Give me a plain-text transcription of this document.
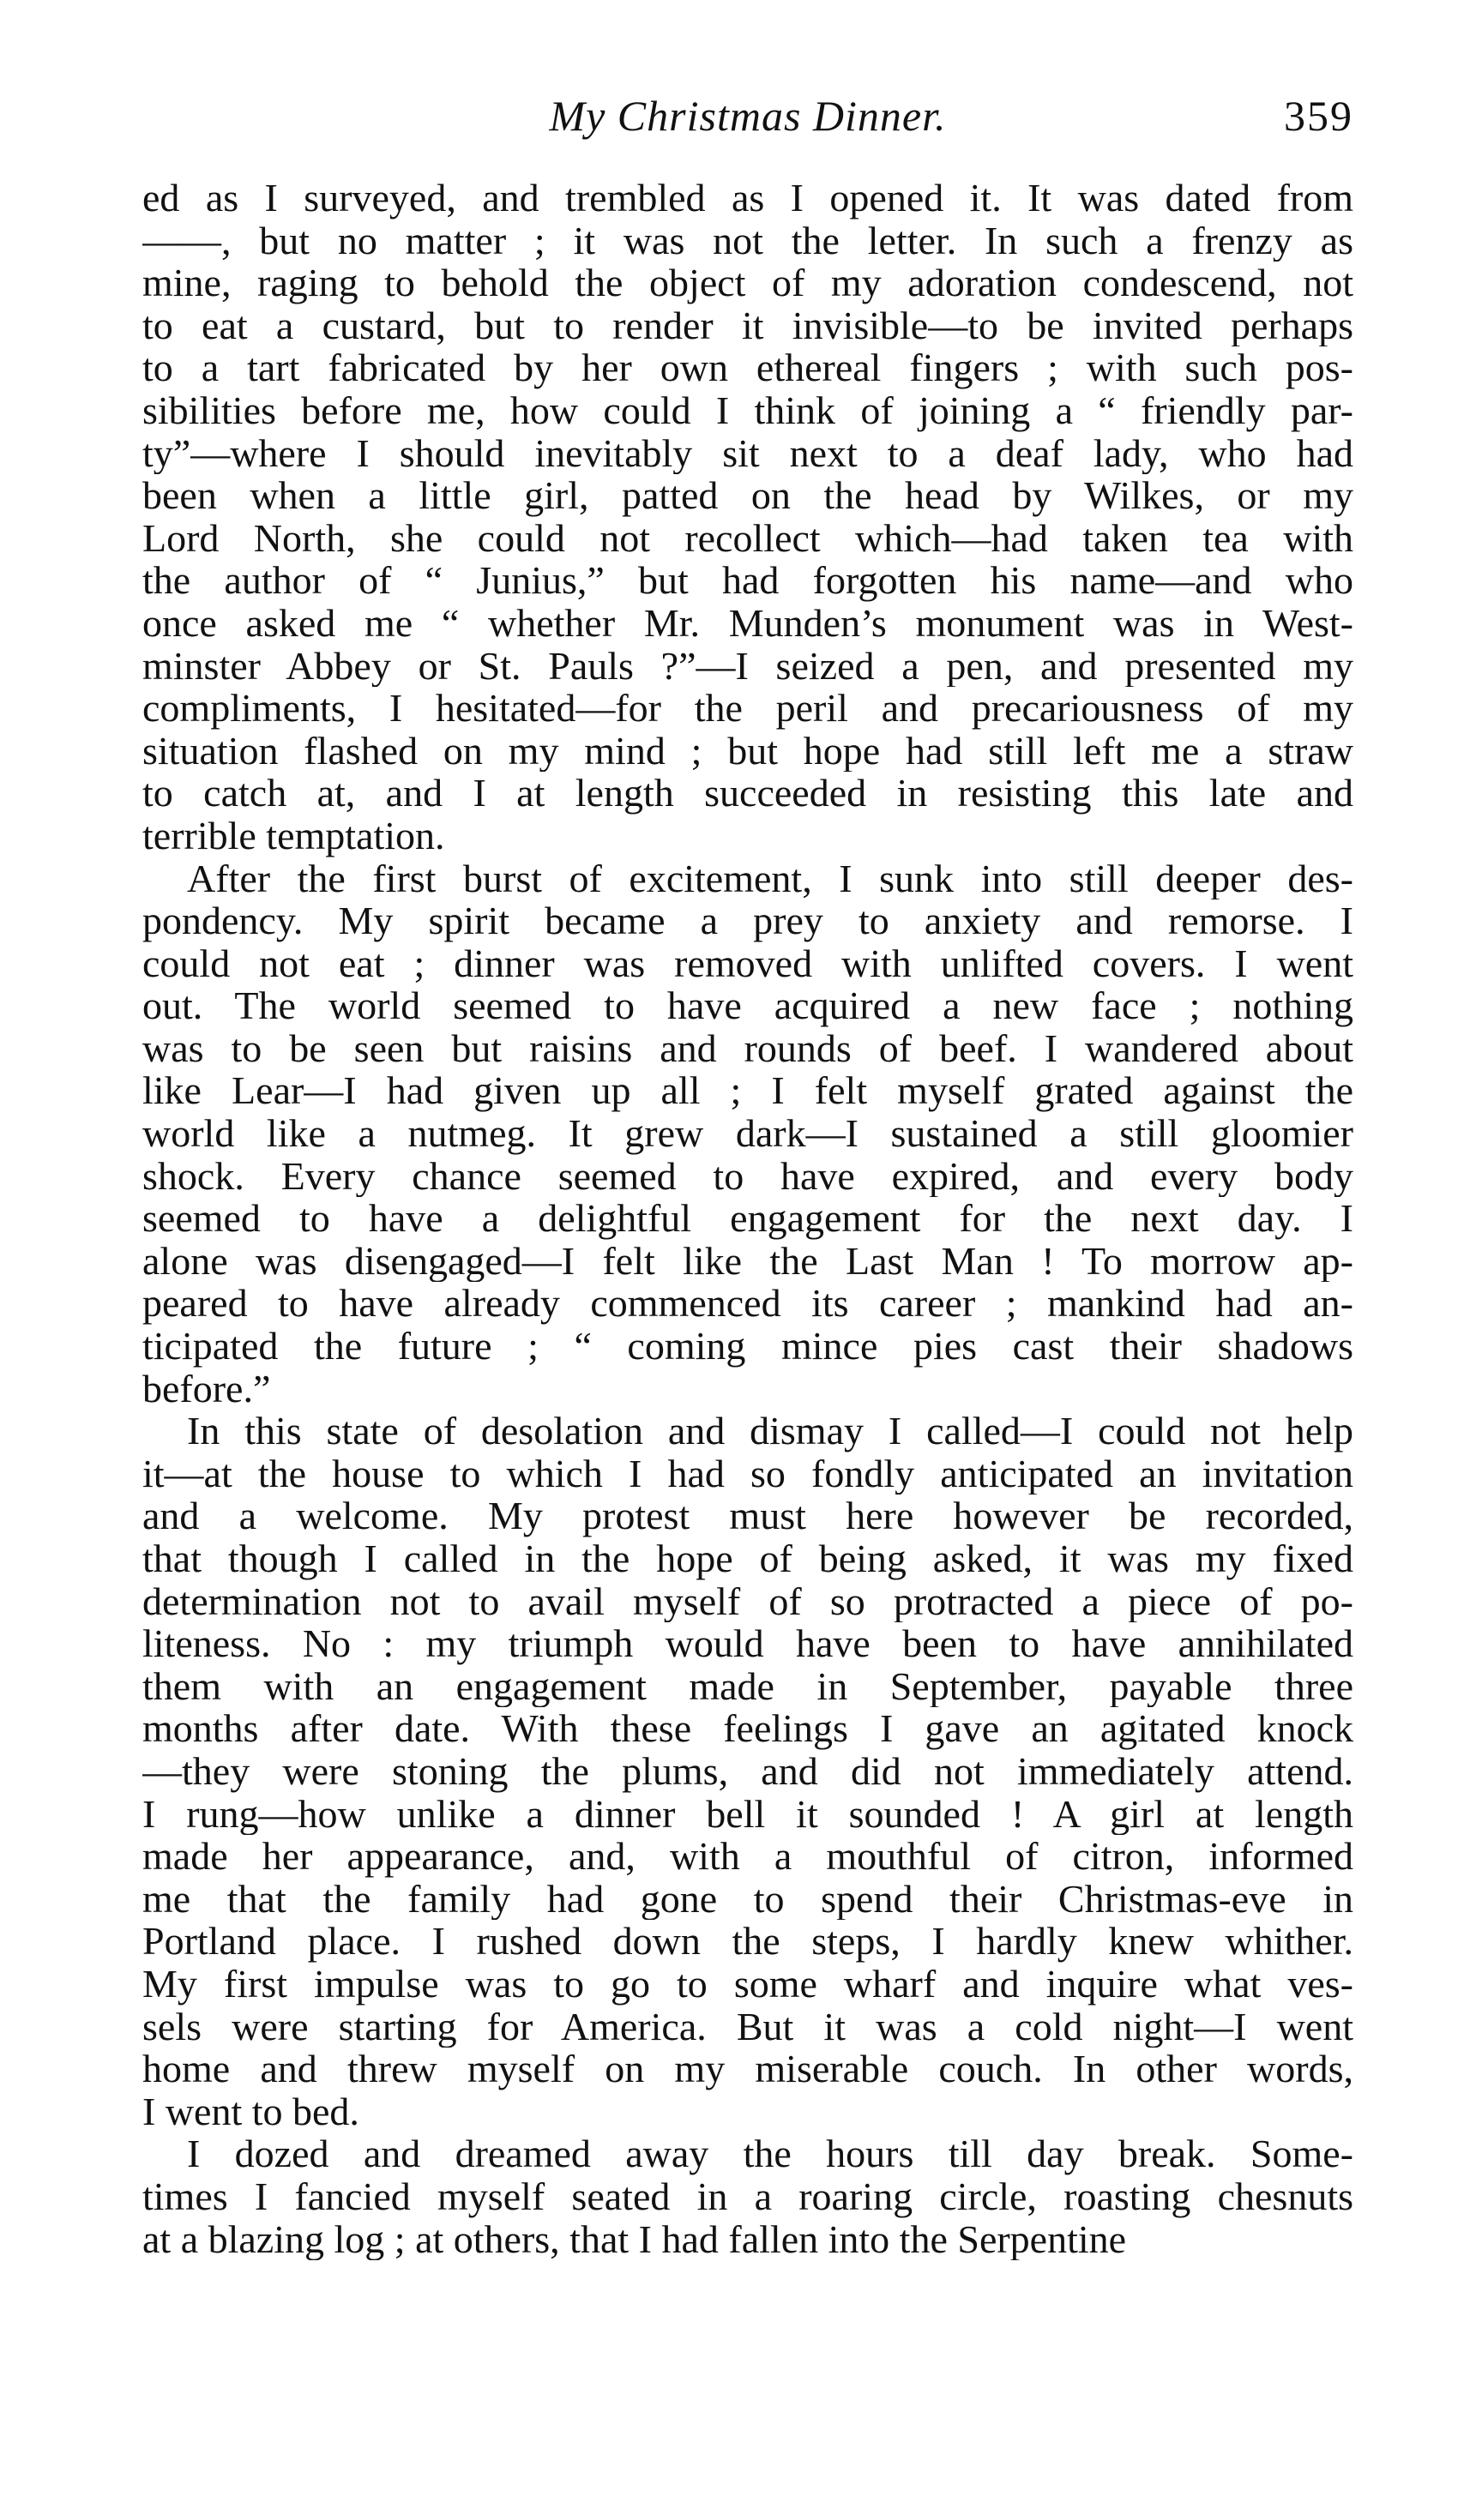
My Christmas Dinner.	359
ed as I surveyed, and trembled as I opened it. It was dated from
——, but no matter ; it was not the letter. In such a frenzy as
mine, raging to behold the object of my adoration condescend, not
to eat a custard, but to render it invisible—to be invited perhaps
to a tart fabricated by her own ethereal fingers ; with such pos-
sibilities before me, how could I think of joining a “ friendly par-
ty”—where I should inevitably sit next to a deaf lady, who had
been when a little girl, patted on the head by Wilkes, or my
Lord North, she could not recollect which—had taken tea with
the author of “ Junius,” but had forgotten his name—and who
once asked me “ whether Mr. Munden’s monument was in West-
minster Abbey or St. Pauls ?”—I seized a pen, and presented my
compliments, I hesitated—for the peril and precariousness of my
situation flashed on my mind ; but hope had still left me a straw
to catch at, and I at length succeeded in resisting this late and
terrible temptation.
After the first burst of excitement, I sunk into still deeper des-
pondency. My spirit became a prey to anxiety and remorse. I
could not eat ; dinner was removed with unlifted covers. I went
out. The world seemed to have acquired a new face ; nothing
was to be seen but raisins and rounds of beef. I wandered about
like Lear—I had given up all ; I felt myself grated against the
world like a nutmeg. It grew dark—I sustained a still gloomier
shock. Every chance seemed to have expired, and every body
seemed to have a delightful engagement for the next day. I
alone was disengaged—I felt like the Last Man ! To morrow ap-
peared to have already commenced its career ; mankind had an-
ticipated the future ; “ coming mince pies cast their shadows
before.”
In this state of desolation and dismay I called—I could not help
it—at the house to which I had so fondly anticipated an invitation
and a welcome. My protest must here however be recorded,
that though I called in the hope of being asked, it was my fixed
determination not to avail myself of so protracted a piece of po-
liteness. No : my triumph would have been to have annihilated
them with an engagement made in September, payable three
months after date. With these feelings I gave an agitated knock
—they were stoning the plums, and did not immediately attend.
I rung—how unlike a dinner bell it sounded ! A girl at length
made her appearance, and, with a mouthful of citron, informed
me that the family had gone to spend their Christmas-eve in
Portland place. I rushed down the steps, I hardly knew whither.
My first impulse was to go to some wharf and inquire what ves-
sels were starting for America. But it was a cold night—I went
home and threw myself on my miserable couch. In other words,
I went to bed.
I dozed and dreamed away the hours till day break. Some-
times I fancied myself seated in a roaring circle, roasting chesnuts
at a blazing log ; at others, that I had fallen into the Serpentine
